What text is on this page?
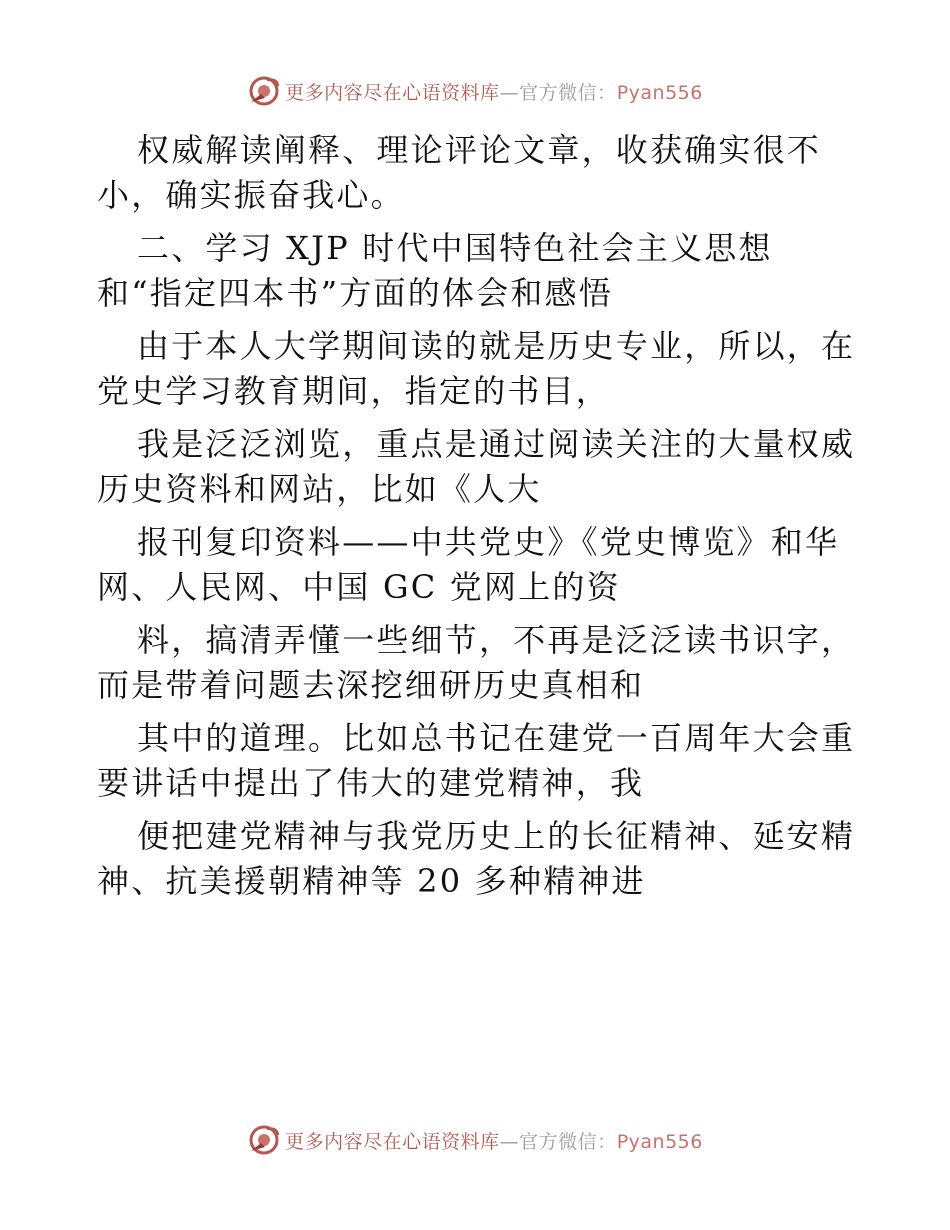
更多内容尽在心语资料库—官方微信：Pyan556
权威解读阐释、理论评论文章，收获确实很不
小，确实振奋我心。
二、学习 XJP 时代中国特色社会主义思想
和“指定四本书”方面的体会和感悟
由于本人大学期间读的就是历史专业，所以，在
党史学习教育期间，指定的书目，
我是泛泛浏览，重点是通过阅读关注的大量权威
历史资料和网站，比如《人大
报刊复印资料——中共党史》《党史博览》和华
网、人民网、中国 GC 党网上的资
料，搞清弄懂一些细节，不再是泛泛读书识字，
而是带着问题去深挖细研历史真相和
其中的道理。比如总书记在建党一百周年大会重
要讲话中提出了伟大的建党精神，我
便把建党精神与我党历史上的长征精神、延安精
神、抗美援朝精神等 20 多种精神进
更多内容尽在心语资料库—官方微信：Pyan556
